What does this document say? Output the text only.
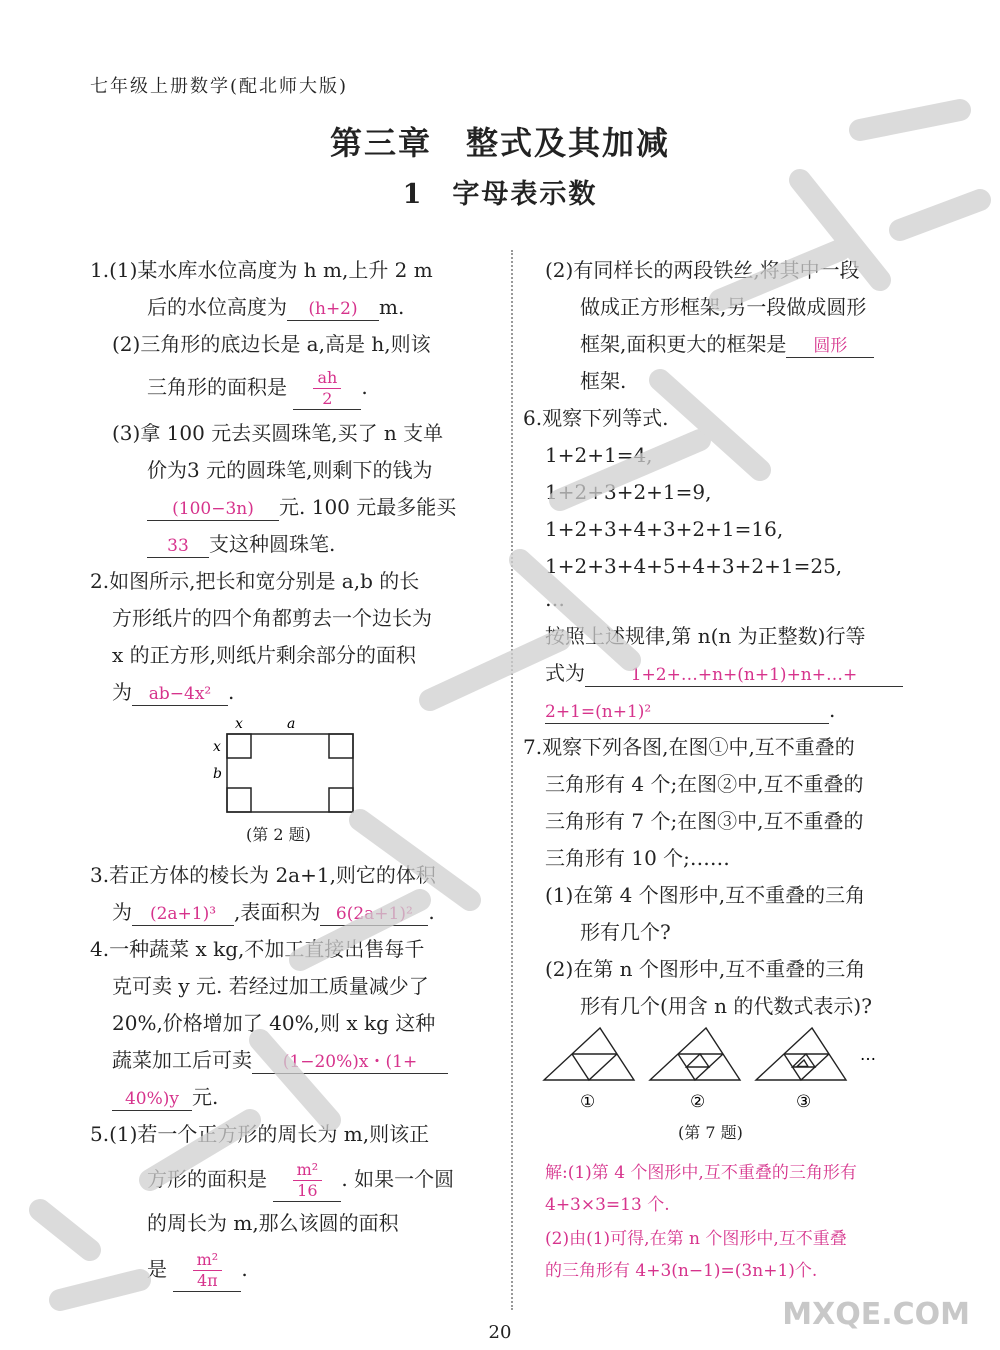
七年级上册数学(配北师大版)
第三章　整式及其加减
1　字母表示数
1.(1)某水库水位高度为 h m,上升 2 m
后的水位高度为 (h+2) m.
(2)三角形的底边长是 a,高是 h,则该
三角形的面积是 $\frac{ah}{2}$ .
(3)拿 100 元去买圆珠笔,买了 n 支单
价为3 元的圆珠笔,则剩下的钱为
(100−3n) 元. 100 元最多能买
33 支这种圆珠笔.
2.如图所示,把长和宽分别是 a,b 的长
方形纸片的四个角都剪去一个边长为
x 的正方形,则纸片剩余部分的面积
为 ab−4x² .
x	a
x
b
(第 2 题)
3.若正方体的棱长为 2a+1,则它的体积
为 (2a+1)³ ,表面积为 6(2a+1)² .
4.一种蔬菜 x kg,不加工直接出售每千
克可卖 y 元. 若经过加工质量减少了
20%,价格增加了 40%,则 x kg 这种
蔬菜加工后可卖 (1−20%)x・(1+
40%)y 元.
5.(1)若一个正方形的周长为 m,则该正
方形的面积是 $\frac{\text{m²}}{16}$ . 如果一个圆
的周长为 m,那么该圆的面积
是 $\frac{\text{m²}}{4\pi}$ .
(2)有同样长的两段铁丝,将其中一段
做成正方形框架,另一段做成圆形
框架,面积更大的框架是 圆形
框架.
6.观察下列等式.
1+2+1=4,
1+2+3+2+1=9,
1+2+3+4+3+2+1=16,
1+2+3+4+5+4+3+2+1=25,
…
按照上述规律,第 n(n 为正整数)行等
式为	1+2+…+n+(n+1)+n+…+
2+1=(n+1)²	.
7.观察下列各图,在图①中,互不重叠的
三角形有 4 个;在图②中,互不重叠的
三角形有 7 个;在图③中,互不重叠的
三角形有 10 个;……
(1)在第 4 个图形中,互不重叠的三角
形有几个?
(2)在第 n 个图形中,互不重叠的三角
形有几个(用含 n 的代数式表示)?
…
①	②	③
(第 7 题)
解:(1)第 4 个图形中,互不重叠的三角形有
4+3×3=13 个.
(2)由(1)可得,在第 n 个图形中,互不重叠
的三角形有 4+3(n−1)=(3n+1)个.
20
MXQE.COM
